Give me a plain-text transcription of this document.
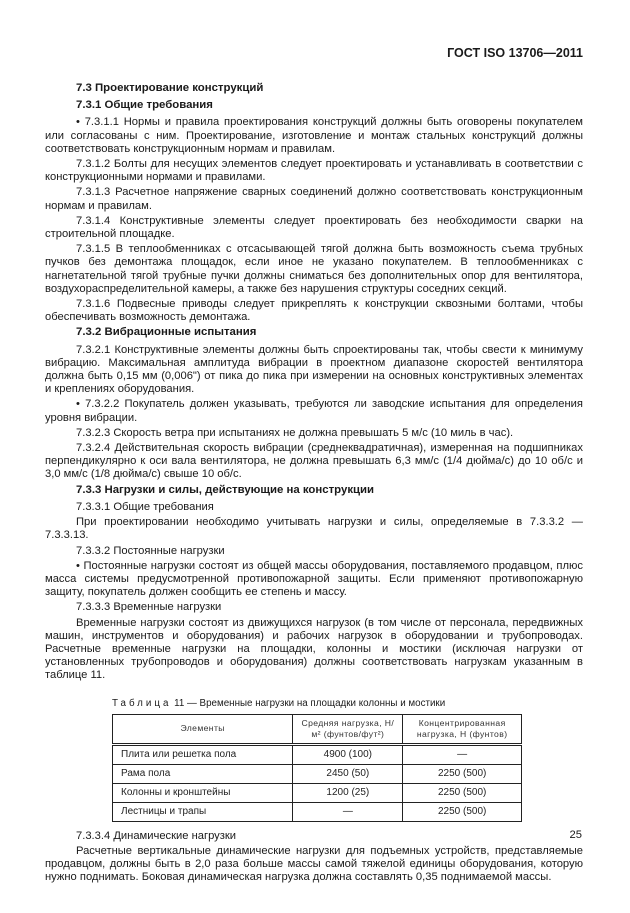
ГОСТ ISO 13706—2011
7.3 Проектирование конструкций
7.3.1 Общие требования

• 7.3.1.1 Нормы и правила проектирования конструкций должны быть оговорены покупателем или согласованы с ним. Проектирование, изготовление и монтаж стальных конструкций должны соответствовать конструкционным нормам и правилам.

7.3.1.2 Болты для несущих элементов следует проектировать и устанавливать в соответствии с конструкционными нормами и правилами.

7.3.1.3 Расчетное напряжение сварных соединений должно соответствовать конструкционным нормам и правилам.

7.3.1.4 Конструктивные элементы следует проектировать без необходимости сварки на строительной площадке.

7.3.1.5 В теплообменниках с отсасывающей тягой должна быть возможность съема трубных пучков без демонтажа площадок, если иное не указано покупателем. В теплообменниках с нагнетательной тягой трубные пучки должны сниматься без дополнительных опор для вентилятора, воздухораспределительной камеры, а также без нарушения структуры соседних секций.

7.3.1.6 Подвесные приводы следует прикреплять к конструкции сквозными болтами, чтобы обеспечивать возможность демонтажа.

7.3.2 Вибрационные испытания

7.3.2.1 Конструктивные элементы должны быть спроектированы так, чтобы свести к минимуму вибрацию. Максимальная амплитуда вибрации в проектном диапазоне скоростей вентилятора должна быть 0,15 мм (0,006") от пика до пика при измерении на основных конструктивных элементах и креплениях оборудования.

• 7.3.2.2 Покупатель должен указывать, требуются ли заводские испытания для определения уровня вибрации.

7.3.2.3 Скорость ветра при испытаниях не должна превышать 5 м/с (10 миль в час).

7.3.2.4 Действительная скорость вибрации (среднеквадратичная), измеренная на подшипниках перпендикулярно к оси вала вентилятора, не должна превышать 6,3 мм/с (1/4 дюйма/с) до 10 об/с и 3,0 мм/с (1/8 дюйма/с) свыше 10 об/с.

7.3.3 Нагрузки и силы, действующие на конструкции
7.3.3.1 Общие требования

При проектировании необходимо учитывать нагрузки и силы, определяемые в 7.3.3.2 — 7.3.3.13.

7.3.3.2 Постоянные нагрузки

• Постоянные нагрузки состоят из общей массы оборудования, поставляемого продавцом, плюс масса системы предусмотренной противопожарной защиты. Если применяют противопожарную защиту, покупатель должен сообщить ее степень и массу.

7.3.3.3 Временные нагрузки

Временные нагрузки состоят из движущихся нагрузок (в том числе от персонала, передвижных машин, инструментов и оборудования) и рабочих нагрузок в оборудовании и трубопроводах. Расчетные временные нагрузки на площадки, колонны и мостики (исключая нагрузки от установленных трубопроводов и оборудования) должны соответствовать нагрузкам указанным в таблице 11.

Таблица 11 — Временные нагрузки на площадки колонны и мостики
Элементы	Средняя нагрузка, Н/м² (фунтов/фут²)	Концентрированная нагрузка, Н (фунтов)
Плита или решетка пола	4900 (100)	—
Рама пола	2450 (50)	2250 (500)
Колонны и кронштейны	1200 (25)	2250 (500)
Лестницы и трапы	—	2250 (500)
7.3.3.4 Динамические нагрузки

Расчетные вертикальные динамические нагрузки для подъемных устройств, представляемые продавцом, должны быть в 2,0 раза больше массы самой тяжелой единицы оборудования, которую нужно поднимать. Боковая динамическая нагрузка должна составлять 0,35 поднимаемой массы.

25
